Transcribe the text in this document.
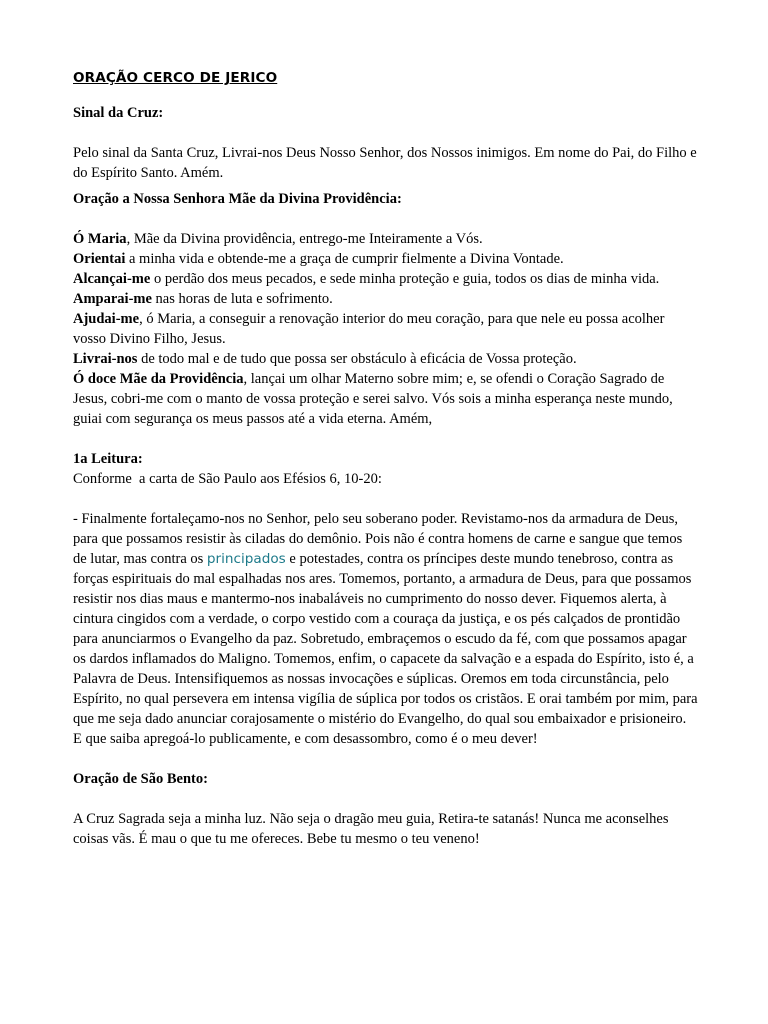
ORAÇÃO CERCO DE JERICO

Sinal da Cruz:

Pelo sinal da Santa Cruz, Livrai-nos Deus Nosso Senhor, dos Nossos inimigos. Em nome do Pai, do Filho e do Espírito Santo. Amém.

Oração a Nossa Senhora Mãe da Divina Providência:

Ó Maria, Mãe da Divina providência, entrego-me Inteiramente a Vós.

Orientai a minha vida e obtende-me a graça de cumprir fielmente a Divina Vontade.

Alcançai-me o perdão dos meus pecados, e sede minha proteção e guia, todos os dias de minha vida.

Amparai-me nas horas de luta e sofrimento.

Ajudai-me, ó Maria, a conseguir a renovação interior do meu coração, para que nele eu possa acolher vosso Divino Filho, Jesus.

Livrai-nos de todo mal e de tudo que possa ser obstáculo à eficácia de Vossa proteção.

Ó doce Mãe da Providência, lançai um olhar Materno sobre mim; e, se ofendi o Coração Sagrado de Jesus, cobri-me com o manto de vossa proteção e serei salvo. Vós sois a minha esperança neste mundo, guiai com segurança os meus passos até a vida eterna. Amém,

1a Leitura:

Conforme  a carta de São Paulo aos Efésios 6, 10-20:

- Finalmente fortaleçamo-nos no Senhor, pelo seu soberano poder. Revistamo-nos da armadura de Deus, para que possamos resistir às ciladas do demônio. Pois não é contra homens de carne e sangue que temos de lutar, mas contra os principados e potestades, contra os príncipes deste mundo tenebroso, contra as forças espirituais do mal espalhadas nos ares. Tomemos, portanto, a armadura de Deus, para que possamos resistir nos dias maus e mantermo-nos inabaláveis no cumprimento do nosso dever. Fiquemos alerta, à cintura cingidos com a verdade, o corpo vestido com a couraça da justiça, e os pés calçados de prontidão para anunciarmos o Evangelho da paz. Sobretudo, embraçemos o escudo da fé, com que possamos apagar os dardos inflamados do Maligno. Tomemos, enfim, o capacete da salvação e a espada do Espírito, isto é, a Palavra de Deus. Intensifiquemos as nossas invocações e súplicas. Oremos em toda circunstância, pelo Espírito, no qual persevera em intensa vigília de súplica por todos os cristãos. E orai também por mim, para que me seja dado anunciar corajosamente o mistério do Evangelho, do qual sou embaixador e prisioneiro. E que saiba apregoá-lo publicamente, e com desassombro, como é o meu dever!

Oração de São Bento:

A Cruz Sagrada seja a minha luz. Não seja o dragão meu guia, Retira-te satanás! Nunca me aconselhes coisas vãs. É mau o que tu me ofereces. Bebe tu mesmo o teu veneno!
